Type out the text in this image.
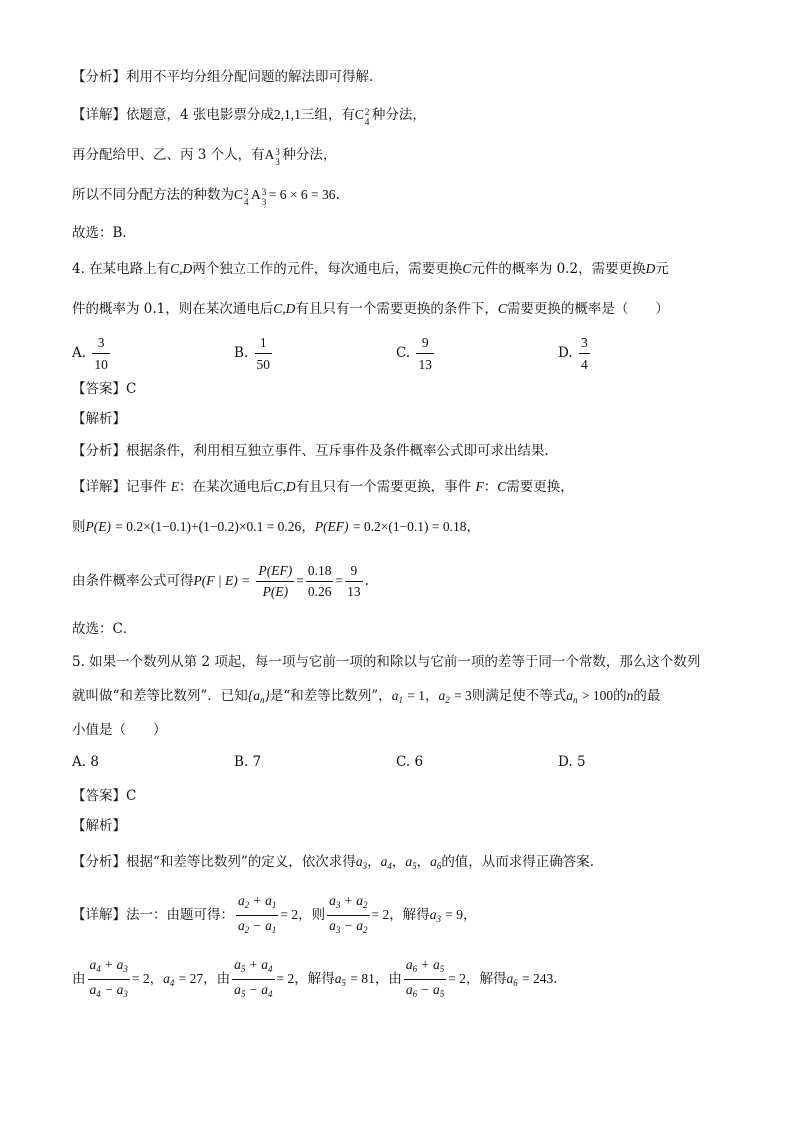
【分析】利用不平均分组分配问题的解法即可得解.
【详解】依题意，4 张电影票分成2,1,1三组，有C 2
4 种分法，
再分配给甲、乙、丙 3 个人，有A 3
3 种分法，
所以不同分配方法的种数为C 2
4 A 3
3 = 6 × 6 = 36.
故选：B.
4. 在某电路上有C,D两个独立工作的元件，每次通电后，需要更换C元件的概率为 0.2，需要更换D元
件的概率为 0.1，则在某次通电后C,D有且只有一个需要更换的条件下，C需要更换的概率是（　　）
A. $\frac{3}{10}$	B. $\frac{1}{50}$	C. $\frac{9}{13}$	D. $\frac{3}{4}$
【答案】C
【解析】
【分析】根据条件，利用相互独立事件、互斥事件及条件概率公式即可求出结果.
【详解】记事件 E：在某次通电后C,D有且只有一个需要更换，事件 F：C需要更换，
则P(E) = 0.2×(1−0.1)+(1−0.2)×0.1 = 0.26，P(EF) = 0.2×(1−0.1) = 0.18，
由条件概率公式可得P(F | $E) = \frac{P(EF)}{P(E)} = \frac{0.18}{0.26} = \frac{9}{13}$ .
故选：C．
5. 如果一个数列从第 2 项起，每一项与它前一项的和除以与它前一项的差等于同一个常数，那么这个数列
就叫做“和差等比数列”．已知$\{a_n\}$是“和差等比数列”，$a_1 = 1$，$a_2 = 3$则满足使不等式$a_n > 100$的n的最
小值是（　　）
A. 8	B. 7	C. 6	D. 5
【答案】C
【解析】
【分析】根据“和差等比数列”的定义，依次求得$a_3$，$a_4$，$a_5$，$a_6$的值，从而求得正确答案.
【详解】法一：由题可得： $\frac{a_2 + a_1}{a_2 - a_1} = 2$，则 $\frac{a_3 + a_2}{a_3 - a_2} = 2$，解得$a_3 = 9$，
由 $\frac{a_4 + a_3}{a_4 - a_3} = 2$，$a_4 = 27$，由 $\frac{a_5 + a_4}{a_5 - a_4} = 2$，解得$a_5 = 81$，由 $\frac{a_6 + a_5}{a_6 - a_5} = 2$，解得$a_6 = 243$.
